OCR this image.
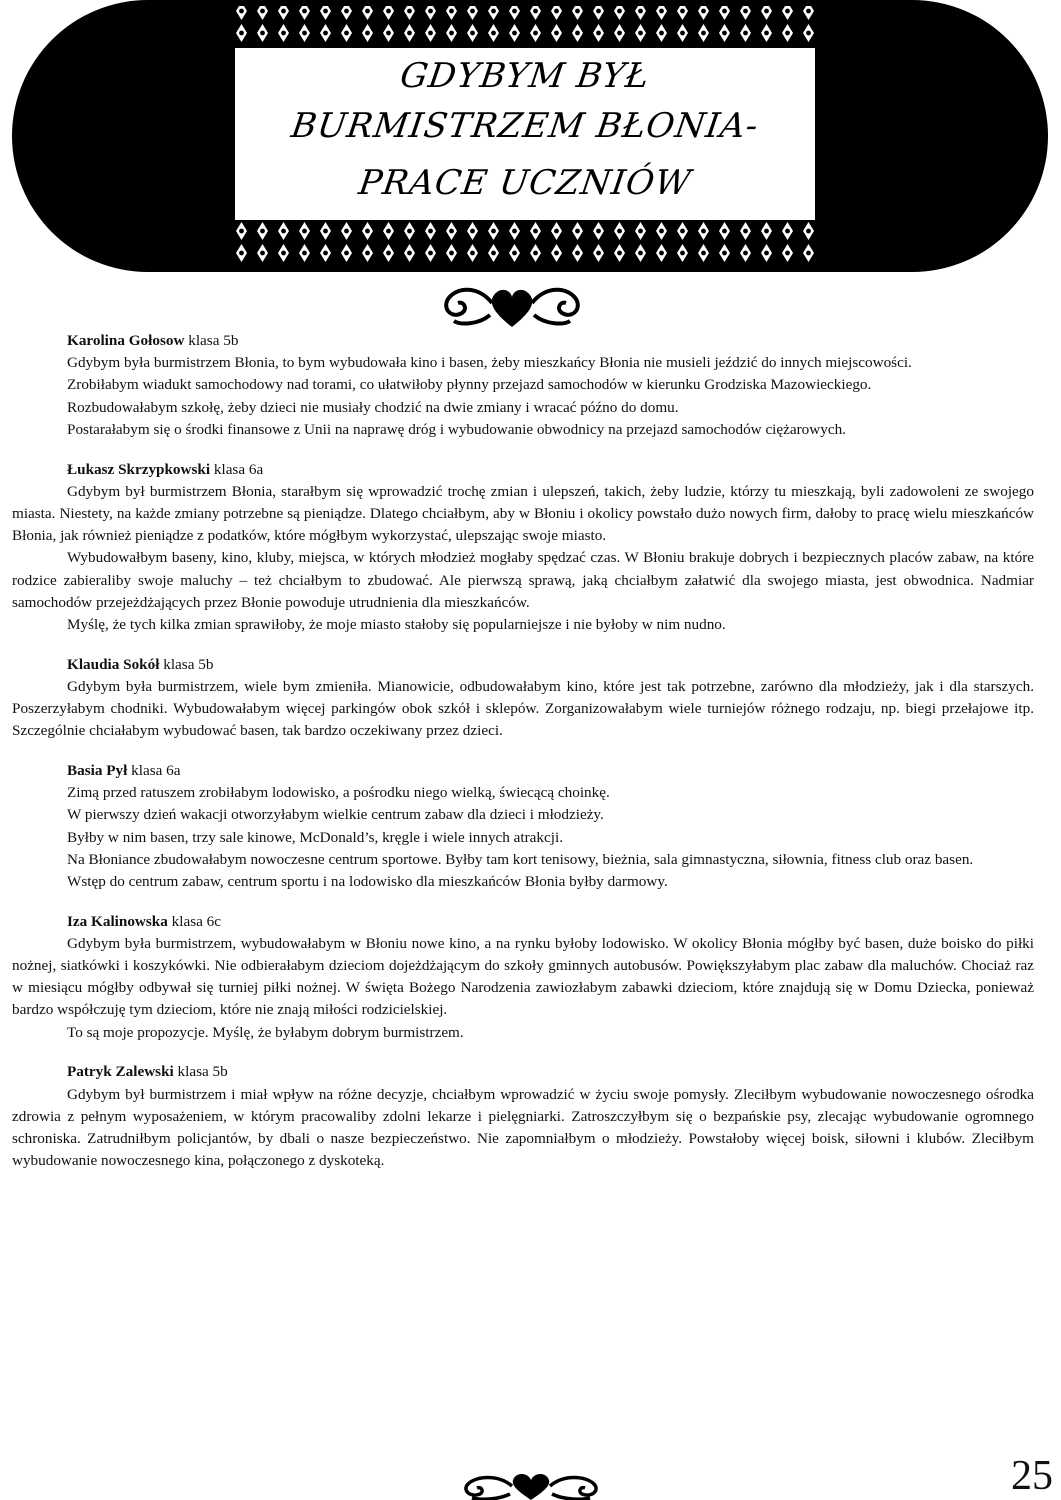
GDYBYM BYŁ
BURMISTRZEM BŁONIA-
PRACE UCZNIÓW
Karolina Gołosow klasa 5b

Gdybym była burmistrzem Błonia, to bym wybudowała kino i basen, żeby mieszkańcy Błonia nie musieli jeździć do innych miejscowości.

Zrobiłabym wiadukt samochodowy nad torami, co ułatwiłoby płynny przejazd samochodów w kierunku Grodziska Mazowieckiego.

Rozbudowałabym szkołę, żeby dzieci nie musiały chodzić na dwie zmiany i wracać późno do domu.

Postarałabym się o środki finansowe z Unii na naprawę dróg i wybudowanie obwodnicy na przejazd samochodów ciężarowych.

Łukasz Skrzypkowski klasa 6a

Gdybym był burmistrzem Błonia, starałbym się wprowadzić trochę zmian i ulepszeń, takich, żeby ludzie, którzy tu mieszkają, byli zadowoleni ze swojego miasta. Niestety, na każde zmiany potrzebne są pieniądze. Dlatego chciałbym, aby w Błoniu i okolicy powstało dużo nowych firm, dałoby to pracę wielu mieszkańców Błonia, jak również pieniądze z podatków, które mógłbym wykorzystać, ulepszając swoje miasto.

Wybudowałbym baseny, kino, kluby, miejsca, w których młodzież mogłaby spędzać czas. W Błoniu brakuje dobrych i bezpiecznych placów zabaw, na które rodzice zabieraliby swoje maluchy – też chciałbym to zbudować. Ale pierwszą sprawą, jaką chciałbym załatwić dla swojego miasta, jest obwodnica. Nadmiar samochodów przejeżdżających przez Błonie powoduje utrudnienia dla mieszkańców.

Myślę, że tych kilka zmian sprawiłoby, że moje miasto stałoby się popularniejsze i nie byłoby w nim nudno.

Klaudia Sokół klasa 5b

Gdybym była burmistrzem, wiele bym zmieniła. Mianowicie, odbudowałabym kino, które jest tak potrzebne, zarówno dla młodzieży, jak i dla starszych. Poszerzyłabym chodniki. Wybudowałabym więcej parkingów obok szkół i sklepów. Zorganizowałabym wiele turniejów różnego rodzaju, np. biegi przełajowe itp. Szczególnie chciałabym wybudować basen, tak bardzo oczekiwany przez dzieci.

Basia Pył klasa 6a

Zimą przed ratuszem zrobiłabym lodowisko, a pośrodku niego wielką, świecącą choinkę.

W pierwszy dzień wakacji otworzyłabym wielkie centrum zabaw dla dzieci i młodzieży.

Byłby w nim basen, trzy sale kinowe, McDonald’s, kręgle i wiele innych atrakcji.

Na Błoniance zbudowałabym nowoczesne centrum sportowe. Byłby tam kort tenisowy, bieżnia, sala gimnastyczna, siłownia, fitness club oraz basen.

Wstęp do centrum zabaw, centrum sportu i na lodowisko dla mieszkańców Błonia byłby darmowy.

Iza Kalinowska klasa 6c

Gdybym była burmistrzem, wybudowałabym w Błoniu nowe kino, a na rynku byłoby lodowisko. W okolicy Błonia mógłby być basen, duże boisko do piłki nożnej, siatkówki i koszykówki. Nie odbierałabym dzieciom dojeżdżającym do szkoły gminnych autobusów. Powiększyłabym plac zabaw dla maluchów. Chociaż raz w miesiącu mógłby odbywał się turniej piłki nożnej. W święta Bożego Narodzenia zawiozłabym zabawki dzieciom, które znajdują się w Domu Dziecka, ponieważ bardzo współczuję tym dzieciom, które nie znają miłości rodzicielskiej.

To są moje propozycje. Myślę, że byłabym dobrym burmistrzem.

Patryk Zalewski klasa 5b

Gdybym był burmistrzem i miał wpływ na różne decyzje, chciałbym wprowadzić w życiu swoje pomysły. Zleciłbym wybudowanie nowoczesnego ośrodka zdrowia z pełnym wyposażeniem, w którym pracowaliby zdolni lekarze i pielęgniarki. Zatroszczyłbym się o bezpańskie psy, zlecając wybudowanie ogromnego schroniska. Zatrudniłbym policjantów, by dbali o nasze bezpieczeństwo. Nie zapomniałbym o młodzieży. Powstałoby więcej boisk, siłowni i klubów. Zleciłbym wybudowanie nowoczesnego kina, połączonego z dyskoteką.

25
